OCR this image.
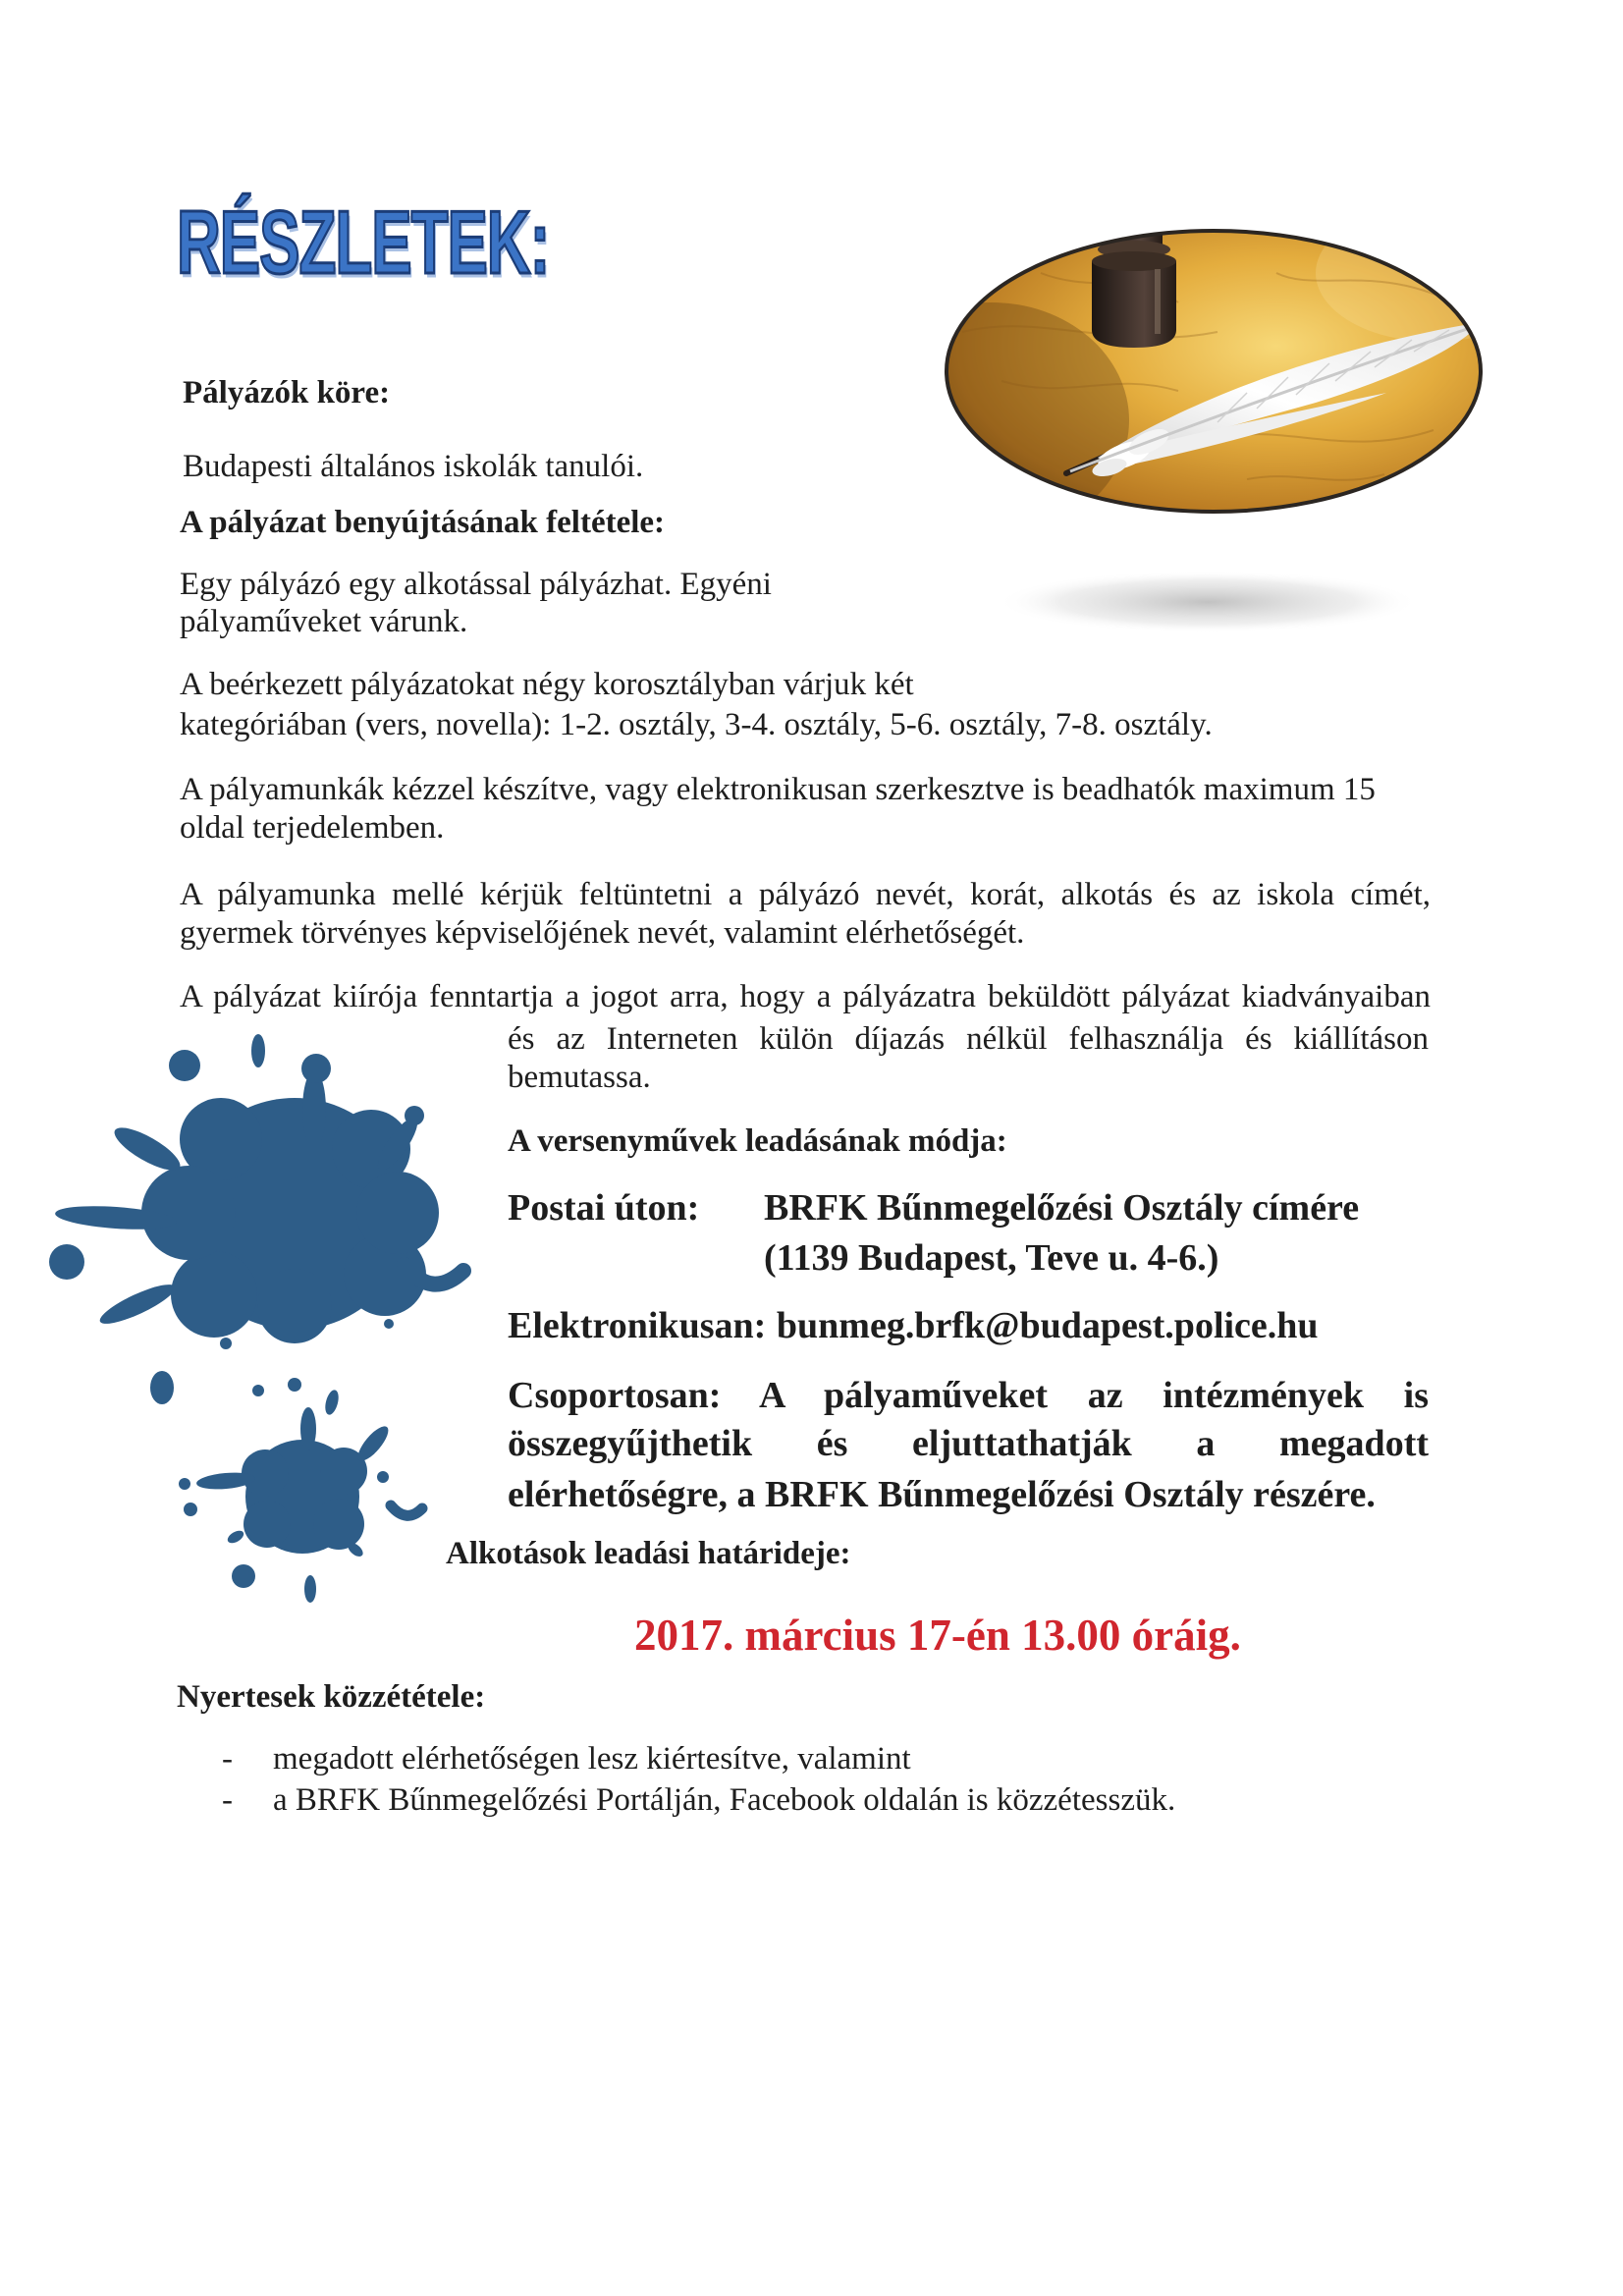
RÉSZLETEK:
Pályázók köre:
Budapesti általános iskolák tanulói.
A pályázat benyújtásának feltétele:
Egy pályázó egy alkotással pályázhat. Egyéni
pályaműveket várunk.
A beérkezett pályázatokat négy korosztályban várjuk két
kategóriában (vers, novella): 1-2. osztály, 3-4. osztály, 5-6. osztály, 7-8. osztály.
A pályamunkák kézzel készítve, vagy elektronikusan szerkesztve is beadhatók maximum 15
oldal terjedelemben.
A pályamunka mellé kérjük feltüntetni a pályázó nevét, korát, alkotás és az iskola címét,
gyermek törvényes képviselőjének nevét, valamint elérhetőségét.
A pályázat kiírója fenntartja a jogot arra, hogy a pályázatra beküldött pályázat kiadványaiban
és az Interneten külön díjazás nélkül felhasználja és kiállításon
bemutassa.
A versenyművek leadásának módja:
Postai úton: BRFK Bűnmegelőzési Osztály címére
(1139 Budapest, Teve u. 4-6.)
Elektronikusan: bunmeg.brfk@budapest.police.hu
Csoportosan: A pályaműveket az intézmények is
összegyűjthetik és eljuttathatják a megadott
elérhetőségre, a BRFK Bűnmegelőzési Osztály részére.
Alkotások leadási határideje:
2017. március 17-én 13.00 óráig.
Nyertesek közzététele:
- megadott elérhetőségen lesz kiértesítve, valamint
- a BRFK Bűnmegelőzési Portálján, Facebook oldalán is közzétesszük.
